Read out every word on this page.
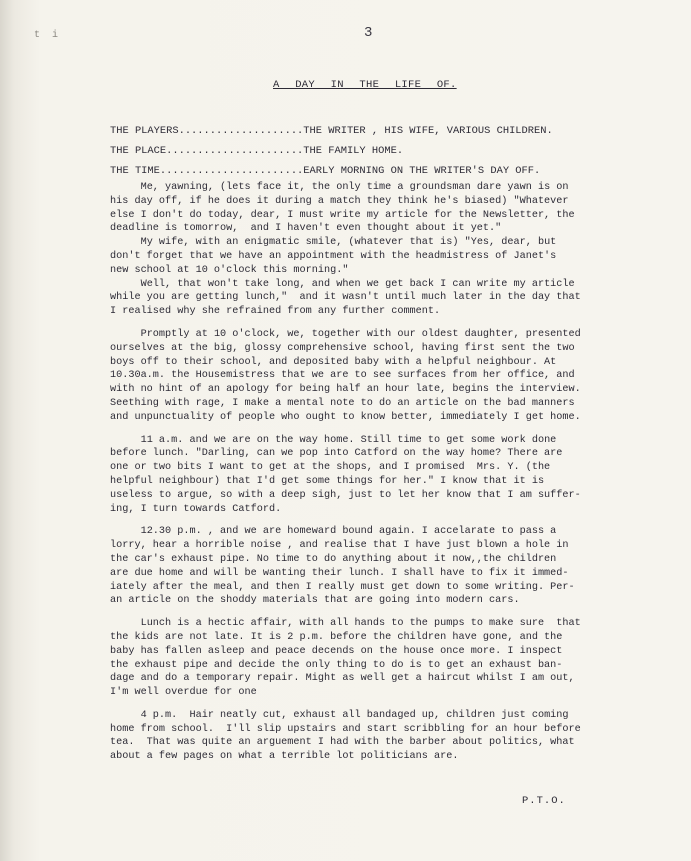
t i	3
A DAY IN THE LIFE OF.
THE PLAYERS....................THE WRITER , HIS WIFE, VARIOUS CHILDREN.
THE PLACE......................THE FAMILY HOME.
THE TIME.......................EARLY MORNING ON THE WRITER'S DAY OFF.

Me, yawning, (lets face it, the only time a groundsman dare yawn is on
his day off, if he does it during a match they think he's biased) "Whatever
else I don't do today, dear, I must write my article for the Newsletter, the
deadline is tomorrow,  and I haven't even thought about it yet."

My wife, with an enigmatic smile, (whatever that is) "Yes, dear, but
don't forget that we have an appointment with the headmistress of Janet's
new school at 10 o'clock this morning."

Well, that won't take long, and when we get back I can write my article
while you are getting lunch,"  and it wasn't until much later in the day that
I realised why she refrained from any further comment.

Promptly at 10 o'clock, we, together with our oldest daughter, presented
ourselves at the big, glossy comprehensive school, having first sent the two
boys off to their school, and deposited baby with a helpful neighbour. At
10.30a.m. the Housemistress that we are to see surfaces from her office, and
with no hint of an apology for being half an hour late, begins the interview.
Seething with rage, I make a mental note to do an article on the bad manners
and unpunctuality of people who ought to know better, immediately I get home.

11 a.m. and we are on the way home. Still time to get some work done
before lunch. "Darling, can we pop into Catford on the way home? There are
one or two bits I want to get at the shops, and I promised  Mrs. Y. (the
helpful neighbour) that I'd get some things for her." I know that it is
useless to argue, so with a deep sigh, just to let her know that I am suffer-
ing, I turn towards Catford.

12.30 p.m. , and we are homeward bound again. I accelarate to pass a
lorry, hear a horrible noise , and realise that I have just blown a hole in
the car's exhaust pipe. No time to do anything about it now,,the children
are due home and will be wanting their lunch. I shall have to fix it immed-
iately after the meal, and then I really must get down to some writing. Per-
an article on the shoddy materials that are going into modern cars.

Lunch is a hectic affair, with all hands to the pumps to make sure  that
the kids are not late. It is 2 p.m. before the children have gone, and the
baby has fallen asleep and peace decends on the house once more. I inspect
the exhaust pipe and decide the only thing to do is to get an exhaust ban-
dage and do a temporary repair. Might as well get a haircut whilst I am out,
I'm well overdue for one

4 p.m.  Hair neatly cut, exhaust all bandaged up, children just coming
home from school.  I'll slip upstairs and start scribbling for an hour before
tea.  That was quite an arguement I had with the barber about politics, what
about a few pages on what a terrible lot politicians are.

P.T.O.
